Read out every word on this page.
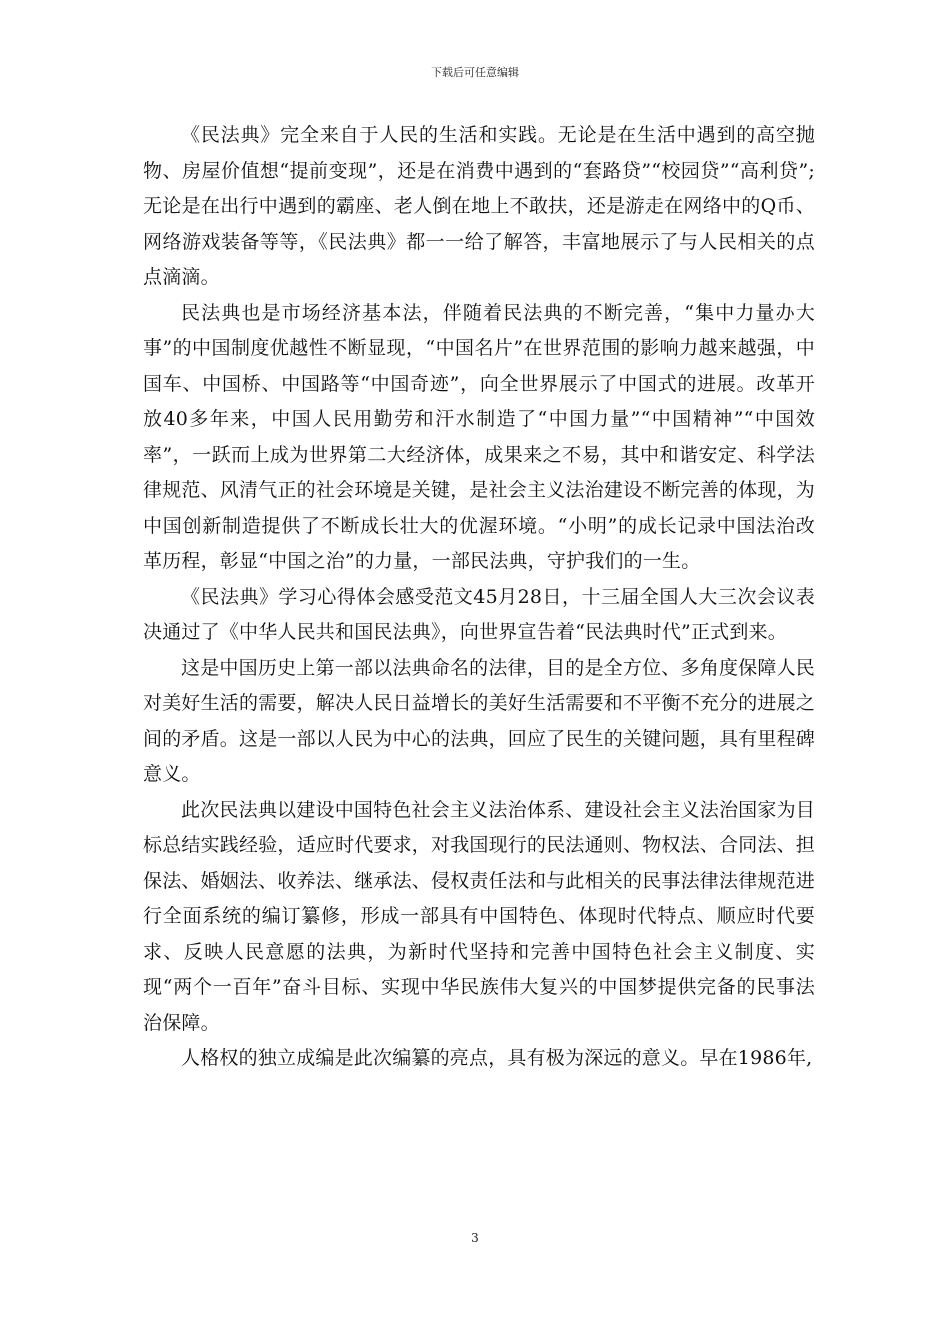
下载后可任意编辑

《民法典》完全来自于人民的生活和实践。无论是在生活中遇到的高空抛物、房屋价值想“提前变现”，还是在消费中遇到的“套路贷”“校园贷”“高利贷”;无论是在出行中遇到的霸座、老人倒在地上不敢扶，还是游走在网络中的Q币、网络游戏装备等等，《民法典》都一一给了解答，丰富地展示了与人民相关的点点滴滴。

民法典也是市场经济基本法，伴随着民法典的不断完善，“集中力量办大事”的中国制度优越性不断显现，“中国名片”在世界范围的影响力越来越强，中国车、中国桥、中国路等“中国奇迹”，向全世界展示了中国式的进展。改革开放40多年来，中国人民用勤劳和汗水制造了“中国力量”“中国精神”“中国效率”，一跃而上成为世界第二大经济体，成果来之不易，其中和谐安定、科学法律规范、风清气正的社会环境是关键，是社会主义法治建设不断完善的体现，为中国创新制造提供了不断成长壮大的优渥环境。“小明”的成长记录中国法治改革历程，彰显“中国之治”的力量，一部民法典，守护我们的一生。

《民法典》学习心得体会感受范文45月28日，十三届全国人大三次会议表决通过了《中华人民共和国民法典》，向世界宣告着“民法典时代”正式到来。

这是中国历史上第一部以法典命名的法律，目的是全方位、多角度保障人民对美好生活的需要，解决人民日益增长的美好生活需要和不平衡不充分的进展之间的矛盾。这是一部以人民为中心的法典，回应了民生的关键问题，具有里程碑意义。

此次民法典以建设中国特色社会主义法治体系、建设社会主义法治国家为目标总结实践经验，适应时代要求，对我国现行的民法通则、物权法、合同法、担保法、婚姻法、收养法、继承法、侵权责任法和与此相关的民事法律法律规范进行全面系统的编订纂修，形成一部具有中国特色、体现时代特点、顺应时代要求、反映人民意愿的法典，为新时代坚持和完善中国特色社会主义制度、实现“两个一百年”奋斗目标、实现中华民族伟大复兴的中国梦提供完备的民事法治保障。

人格权的独立成编是此次编纂的亮点，具有极为深远的意义。早在1986年,

3
